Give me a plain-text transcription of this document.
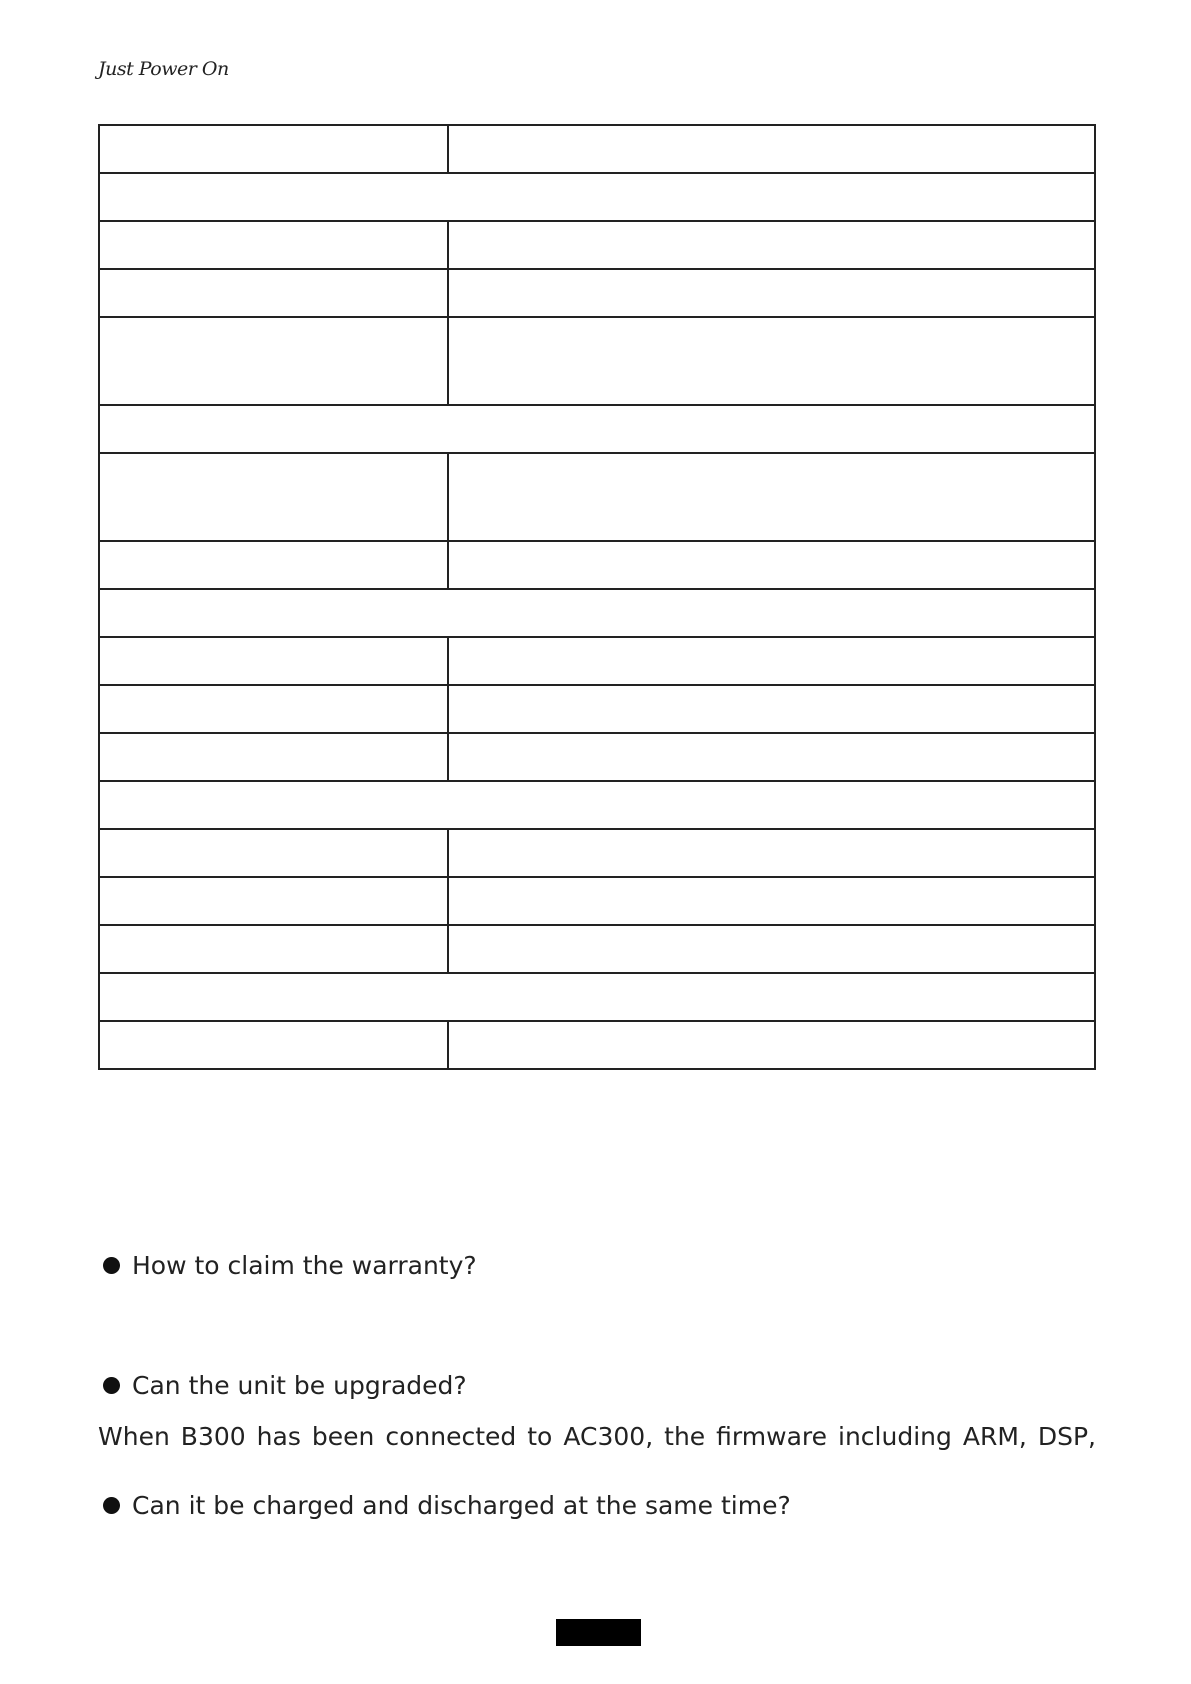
Just Power On

How to claim the warranty?
Can the unit be upgraded?
When B300 has been connected to AC300, the firmware including ARM, DSP,
Can it be charged and discharged at the same time?
